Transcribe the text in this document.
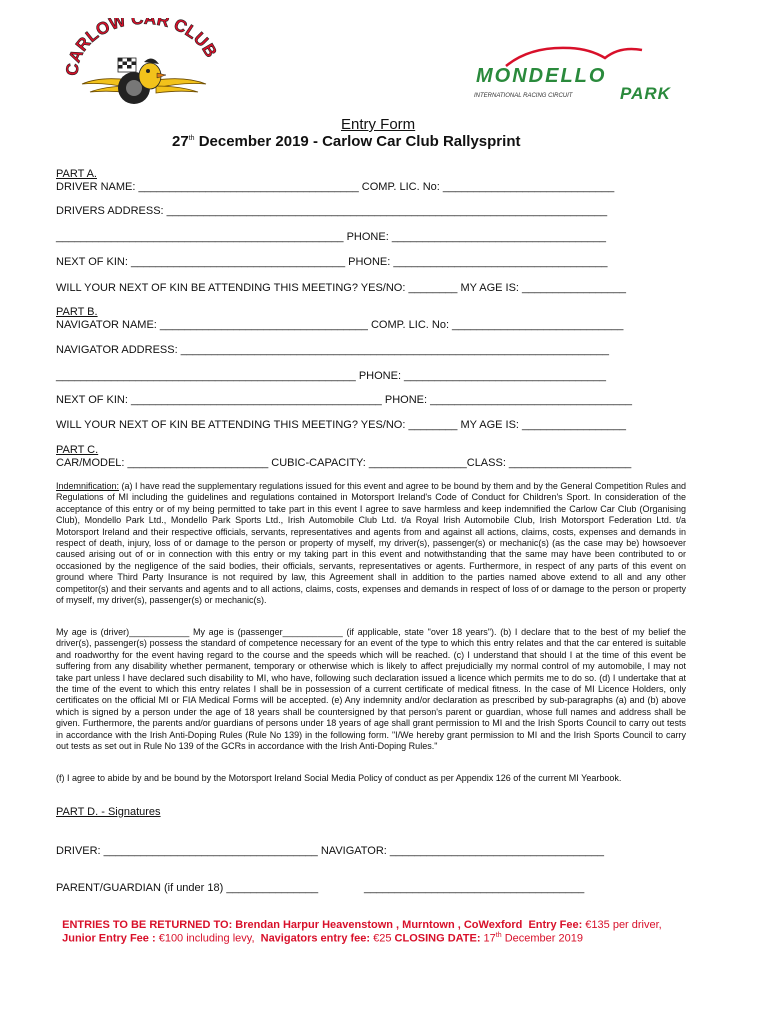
CARLOW CAR CLUB
MONDELLO
INTERNATIONAL RACING CIRCUIT	PARK
Entry Form
27th December 2019 - Carlow Car Club Rallysprint
PART A.
DRIVER NAME: ____________________________________ COMP. LIC. No: ____________________________
DRIVERS ADDRESS: ________________________________________________________________________
_______________________________________________ PHONE: ___________________________________
NEXT OF KIN: ___________________________________ PHONE: ___________________________________
WILL YOUR NEXT OF KIN BE ATTENDING THIS MEETING? YES/NO: ________ MY AGE IS: _________________
PART B.
NAVIGATOR NAME: __________________________________ COMP. LIC. No: ____________________________
NAVIGATOR ADDRESS: ______________________________________________________________________
_________________________________________________ PHONE: _________________________________
NEXT OF KIN: _________________________________________ PHONE: _________________________________
WILL YOUR NEXT OF KIN BE ATTENDING THIS MEETING? YES/NO: ________ MY AGE IS: _________________
PART C.
CAR/MODEL: _______________________ CUBIC-CAPACITY: ________________CLASS: ____________________
Indemnification: (a) I have read the supplementary regulations issued for this event and agree to be bound by them and by the General Competition Rules and Regulations of MI including the guidelines and regulations contained in Motorsport Ireland's Code of Conduct for Children's Sport. In consideration of the acceptance of this entry or of my being permitted to take part in this event I agree to save harmless and keep indemnified the Carlow Car Club (Organising Club), Mondello Park Ltd., Mondello Park Sports Ltd., Irish Automobile Club Ltd. t/a Royal Irish Automobile Club, Irish Motorsport Federation Ltd. t/a Motorsport Ireland and their respective officials, servants, representatives and agents from and against all actions, claims, costs, expenses and demands in respect of death, injury, loss of or damage to the person or property of myself, my driver(s), passenger(s) or mechanic(s) (as the case may be) howsoever caused arising out of or in connection with this entry or my taking part in this event and notwithstanding that the same may have been contributed to or occasioned by the negligence of the said bodies, their officials, servants, representatives or agents. Furthermore, in respect of any parts of this event on ground where Third Party Insurance is not required by law, this Agreement shall in addition to the parties named above extend to all and any other competitor(s) and their servants and agents and to all actions, claims, costs, expenses and demands in respect of loss of or damage to the person or property of myself, my driver(s), passenger(s) or mechanic(s).
My age is (driver)____________ My age is (passenger____________ (if applicable, state "over 18 years"). (b) I declare that to the best of my belief the driver(s), passenger(s) possess the standard of competence necessary for an event of the type to which this entry relates and that the car entered is suitable and roadworthy for the event having regard to the course and the speeds which will be reached. (c) I understand that should I at the time of this event be suffering from any disability whether permanent, temporary or otherwise which is likely to affect prejudicially my normal control of my automobile, I may not take part unless I have declared such disability to MI, who have, following such declaration issued a licence which permits me to do so. (d) I undertake that at the time of the event to which this entry relates I shall be in possession of a current certificate of medical fitness. In the case of MI Licence Holders, only certificates on the official MI or FIA Medical Forms will be accepted. (e) Any indemnity and/or declaration as prescribed by sub-paragraphs (a) and (b) above which is signed by a person under the age of 18 years shall be countersigned by that person's parent or guardian, whose full names and address shall be given. Furthermore, the parents and/or guardians of persons under 18 years of age shall grant permission to MI and the Irish Sports Council to carry out tests in accordance with the Irish Anti-Doping Rules (Rule No 139) in the following form. "I/We hereby grant permission to MI and the Irish Sports Council to carry out tests as set out in Rule No 139 of the GCRs in accordance with the Irish Anti-Doping Rules."
(f) I agree to abide by and be bound by the Motorsport Ireland Social Media Policy of conduct as per Appendix 126 of the current MI Yearbook.
PART D. - Signatures
DRIVER: ___________________________________ NAVIGATOR: ___________________________________
PARENT/GUARDIAN (if under 18) _______________               ____________________________________

ENTRIES TO BE RETURNED TO: Brendan Harpur Heavenstown , Murntown , CoWexford  Entry Fee: €135 per driver,

Junior Entry Fee : €100 including levy,  Navigators entry fee: €25 CLOSING DATE: 17th December 2019
